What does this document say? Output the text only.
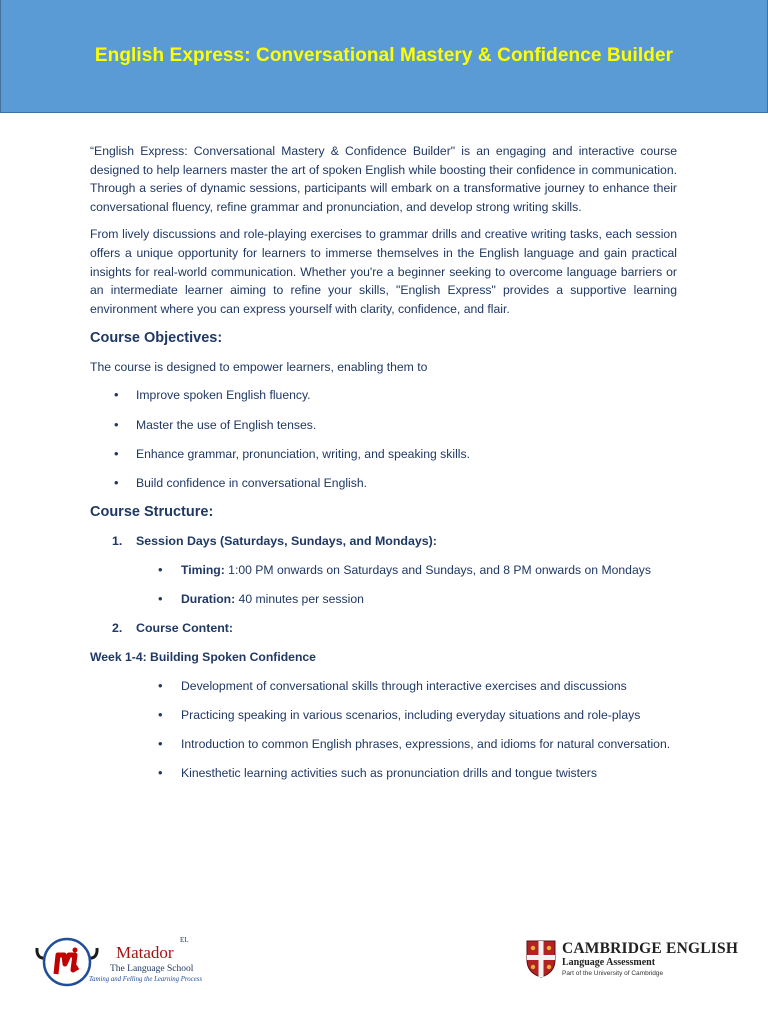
English Express: Conversational Mastery & Confidence Builder

“English Express: Conversational Mastery & Confidence Builder" is an engaging and interactive course designed to help learners master the art of spoken English while boosting their confidence in communication. Through a series of dynamic sessions, participants will embark on a transformative journey to enhance their conversational fluency, refine grammar and pronunciation, and develop strong writing skills.

From lively discussions and role-playing exercises to grammar drills and creative writing tasks, each session offers a unique opportunity for learners to immerse themselves in the English language and gain practical insights for real-world communication. Whether you're a beginner seeking to overcome language barriers or an intermediate learner aiming to refine your skills, "English Express" provides a supportive learning environment where you can express yourself with clarity, confidence, and flair.

Course Objectives:
The course is designed to empower learners, enabling them to
• Improve spoken English fluency.
• Master the use of English tenses.
• Enhance grammar, pronunciation, writing, and speaking skills.
• Build confidence in conversational English.
Course Structure:
1. Session Days (Saturdays, Sundays, and Mondays):
• Timing: 1:00 PM onwards on Saturdays and Sundays, and 8 PM onwards on Mondays
• Duration: 40 minutes per session
2. Course Content:
Week 1-4: Building Spoken Confidence
• Development of conversational skills through interactive exercises and discussions
• Practicing speaking in various scenarios, including everyday situations and role-plays
• Introduction to common English phrases, expressions, and idioms for natural conversation.
• Kinesthetic learning activities such as pronunciation drills and tongue twisters
EL
Matador
The Language School
Taming and Felling the Learning Process
CAMBRIDGE ENGLISH
Language Assessment
Part of the University of Cambridge
